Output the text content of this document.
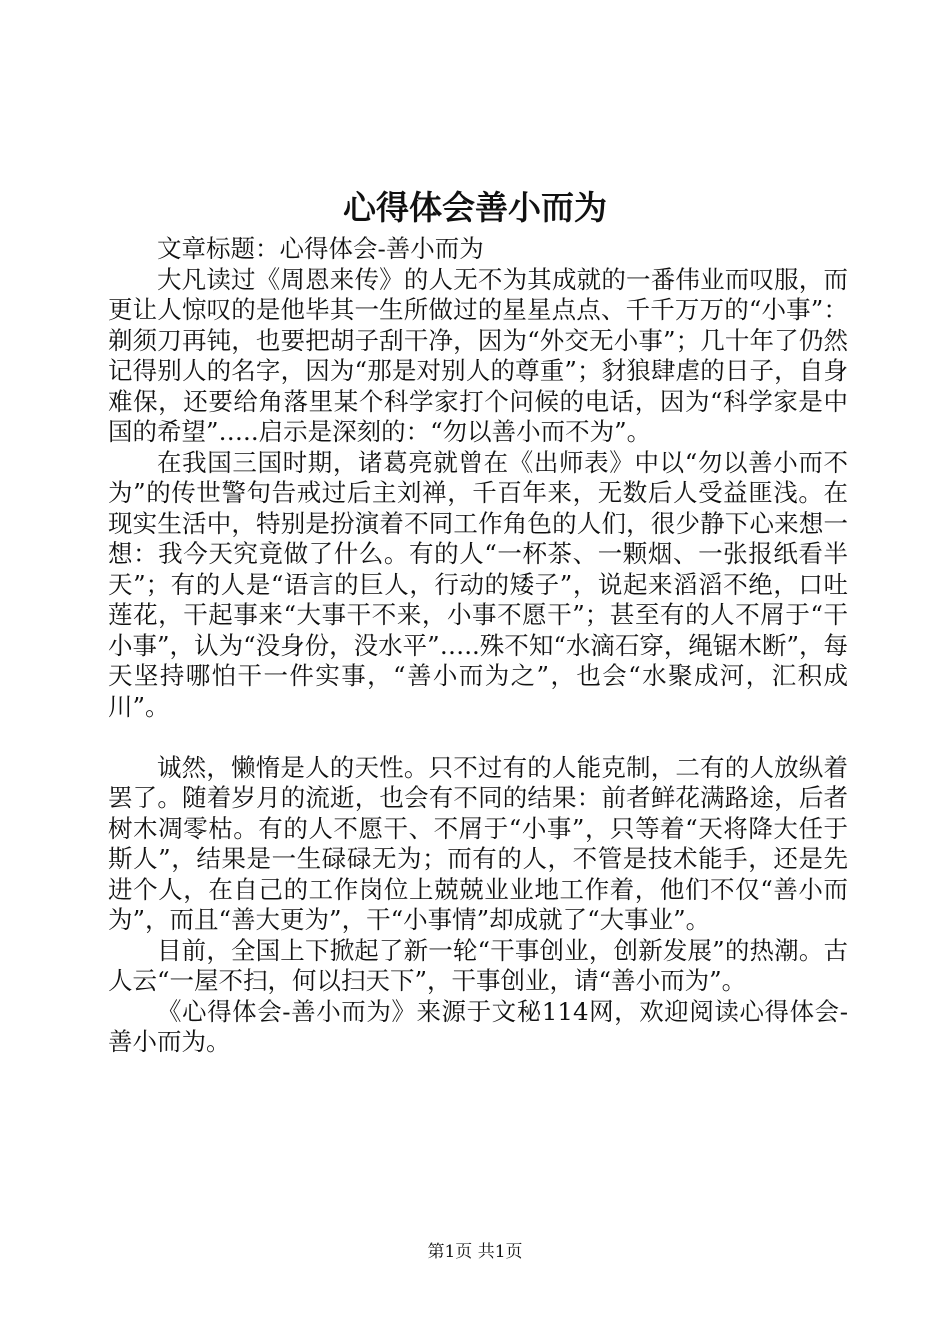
心得体会善小而为

文章标题：心得体会-善小而为

大凡读过《周恩来传》的人无不为其成就的一番伟业而叹服，而更让人惊叹的是他毕其一生所做过的星星点点、千千万万的“小事”：剃须刀再钝，也要把胡子刮干净，因为“外交无小事”；几十年了仍然记得别人的名字，因为“那是对别人的尊重”；豺狼肆虐的日子，自身难保，还要给角落里某个科学家打个问候的电话，因为“科学家是中国的希望”…..启示是深刻的：“勿以善小而不为”。

在我国三国时期，诸葛亮就曾在《出师表》中以“勿以善小而不为”的传世警句告戒过后主刘禅，千百年来，无数后人受益匪浅。在现实生活中，特别是扮演着不同工作角色的人们，很少静下心来想一想：我今天究竟做了什么。有的人“一杯茶、一颗烟、一张报纸看半天”；有的人是“语言的巨人，行动的矮子”，说起来滔滔不绝，口吐莲花，干起事来“大事干不来，小事不愿干”；甚至有的人不屑于“干小事”，认为“没身份，没水平”…..殊不知“水滴石穿，绳锯木断”，每天坚持哪怕干一件实事，“善小而为之”，也会“水聚成河，汇积成川”。

诚然，懒惰是人的天性。只不过有的人能克制，二有的人放纵着罢了。随着岁月的流逝，也会有不同的结果：前者鲜花满路途，后者树木凋零枯。有的人不愿干、不屑于“小事”，只等着“天将降大任于斯人”，结果是一生碌碌无为；而有的人，不管是技术能手，还是先进个人，在自己的工作岗位上兢兢业业地工作着，他们不仅“善小而为”，而且“善大更为”，干“小事情”却成就了“大事业”。

目前，全国上下掀起了新一轮“干事创业，创新发展”的热潮。古人云“一屋不扫，何以扫天下”，干事创业，请“善小而为”。

《心得体会-善小而为》来源于文秘114网，欢迎阅读心得体会-善小而为。

第1页 共1页
